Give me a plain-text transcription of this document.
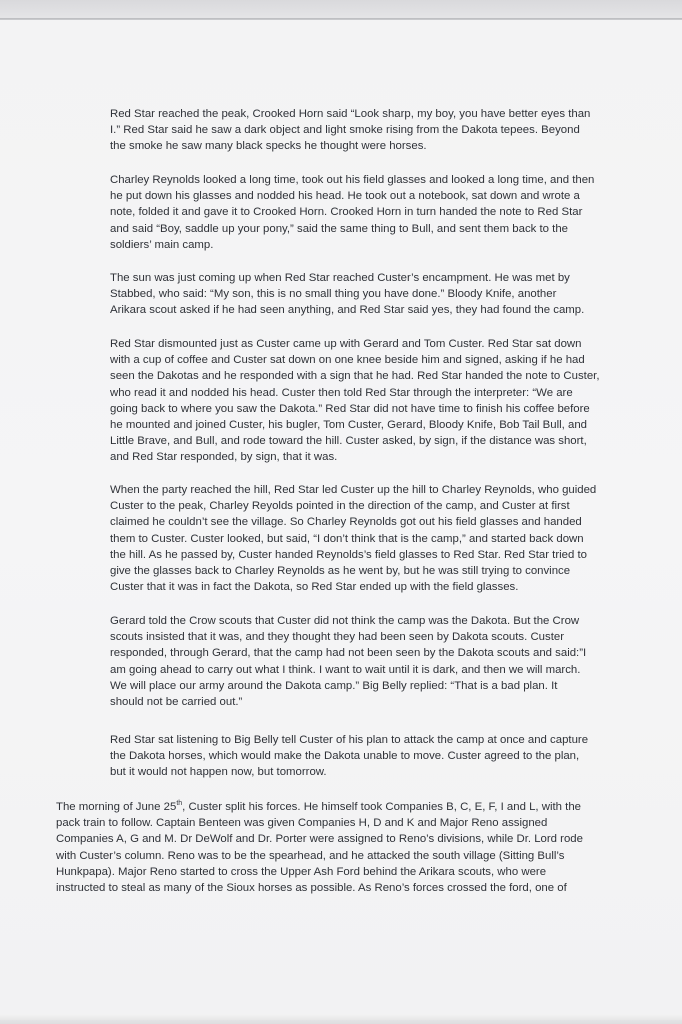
Red Star reached the peak, Crooked Horn said “Look sharp, my boy, you have better eyes than
I.” Red Star said he saw a dark object and light smoke rising from the Dakota tepees. Beyond
the smoke he saw many black specks he thought were horses.

Charley Reynolds looked a long time, took out his field glasses and looked a long time, and then
he put down his glasses and nodded his head. He took out a notebook, sat down and wrote a
note, folded it and gave it to Crooked Horn. Crooked Horn in turn handed the note to Red Star
and said “Boy, saddle up your pony,” said the same thing to Bull, and sent them back to the
soldiers’ main camp.

The sun was just coming up when Red Star reached Custer’s encampment. He was met by
Stabbed, who said: “My son, this is no small thing you have done.” Bloody Knife, another
Arikara scout asked if he had seen anything, and Red Star said yes, they had found the camp.

Red Star dismounted just as Custer came up with Gerard and Tom Custer. Red Star sat down
with a cup of coffee and Custer sat down on one knee beside him and signed, asking if he had
seen the Dakotas and he responded with a sign that he had. Red Star handed the note to Custer,
who read it and nodded his head. Custer then told Red Star through the interpreter: “We are
going back to where you saw the Dakota.” Red Star did not have time to finish his coffee before
he mounted and joined Custer, his bugler, Tom Custer, Gerard, Bloody Knife, Bob Tail Bull, and
Little Brave, and Bull, and rode toward the hill. Custer asked, by sign, if the distance was short,
and Red Star responded, by sign, that it was.

When the party reached the hill, Red Star led Custer up the hill to Charley Reynolds, who guided
Custer to the peak, Charley Reyolds pointed in the direction of the camp, and Custer at first
claimed he couldn’t see the village. So Charley Reynolds got out his field glasses and handed
them to Custer. Custer looked, but said, “I don’t think that is the camp,” and started back down
the hill. As he passed by, Custer handed Reynolds’s field glasses to Red Star. Red Star tried to
give the glasses back to Charley Reynolds as he went by, but he was still trying to convince
Custer that it was in fact the Dakota, so Red Star ended up with the field glasses.

Gerard told the Crow scouts that Custer did not think the camp was the Dakota. But the Crow
scouts insisted that it was, and they thought they had been seen by Dakota scouts. Custer
responded, through Gerard, that the camp had not been seen by the Dakota scouts and said:”I
am going ahead to carry out what I think. I want to wait until it is dark, and then we will march.
We will place our army around the Dakota camp.” Big Belly replied: “That is a bad plan. It
should not be carried out.”

Red Star sat listening to Big Belly tell Custer of his plan to attack the camp at once and capture
the Dakota horses, which would make the Dakota unable to move. Custer agreed to the plan,
but it would not happen now, but tomorrow.

The morning of June 25th, Custer split his forces. He himself took Companies B, C, E, F, I and L, with the
pack train to follow. Captain Benteen was given Companies H, D and K and Major Reno assigned
Companies A, G and M. Dr DeWolf and Dr. Porter were assigned to Reno’s divisions, while Dr. Lord rode
with Custer’s column. Reno was to be the spearhead, and he attacked the south village (Sitting Bull’s
Hunkpapa). Major Reno started to cross the Upper Ash Ford behind the Arikara scouts, who were
instructed to steal as many of the Sioux horses as possible. As Reno’s forces crossed the ford, one of
